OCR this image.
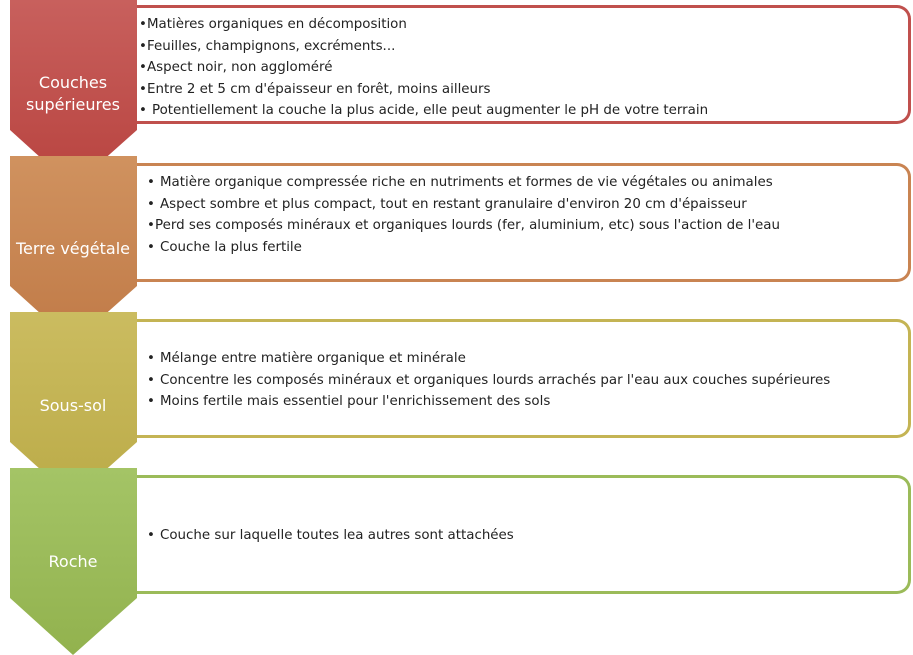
Couches
supérieures
Terre végétale
Sous-sol
Roche
• Matières organiques en décomposition
• Feuilles, champignons, excréments...
• Aspect noir, non aggloméré
• Entre 2 et 5 cm d'épaisseur en forêt, moins ailleurs
• Potentiellement la couche la plus acide, elle peut augmenter le pH de votre terrain
• Matière organique compressée riche en nutriments et formes de vie végétales ou animales
• Aspect sombre et plus compact, tout en restant granulaire d'environ 20 cm d'épaisseur
• Perd ses composés minéraux et organiques lourds (fer, aluminium, etc) sous l'action de l'eau
• Couche la plus fertile
• Mélange entre matière organique et minérale
• Concentre les composés minéraux et organiques lourds arrachés par l'eau aux couches supérieures
• Moins fertile mais essentiel pour l'enrichissement des sols
• Couche sur laquelle toutes lea autres sont attachées
